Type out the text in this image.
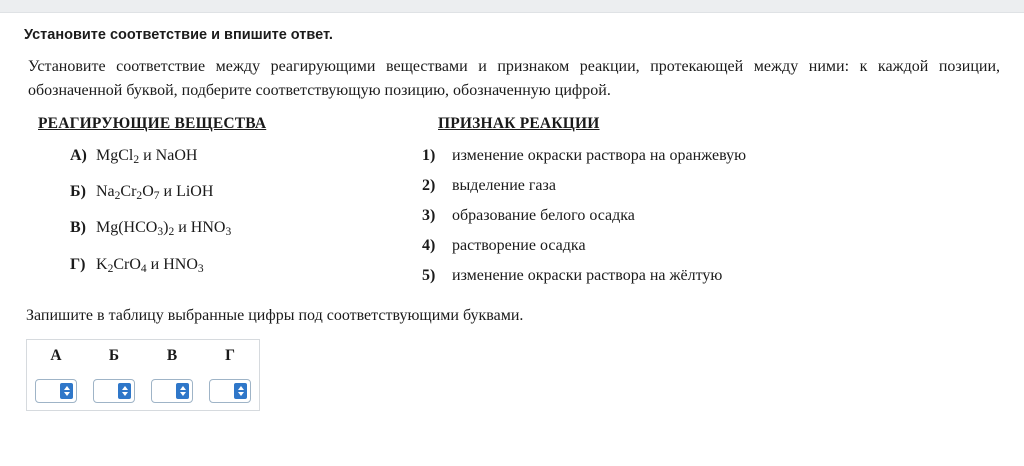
Установите соответствие и впишите ответ.

Установите соответствие между реагирующими веществами и признаком реакции, протекающей между ними: к каждой позиции, обозначенной буквой, подберите соответствующую позицию, обозначенную цифрой.

РЕАГИРУЮЩИЕ ВЕЩЕСТВА
А) MgCl$_2$ и NaOH
Б) $Na_2Cr_2O_7$ и LiOH
В) $Mg(HCO_3)_2$ и $HNO_3$
Г) $K_2CrO_4$ и $HNO_3$
ПРИЗНАК РЕАКЦИИ
1)	изменение окраски раствора на оранжевую
2)	выделение газа
3)	образование белого осадка
4)	растворение осадка
5)	изменение окраски раствора на жёлтую
Запишите в таблицу выбранные цифры под соответствующими буквами.
А	Б	В	Г
